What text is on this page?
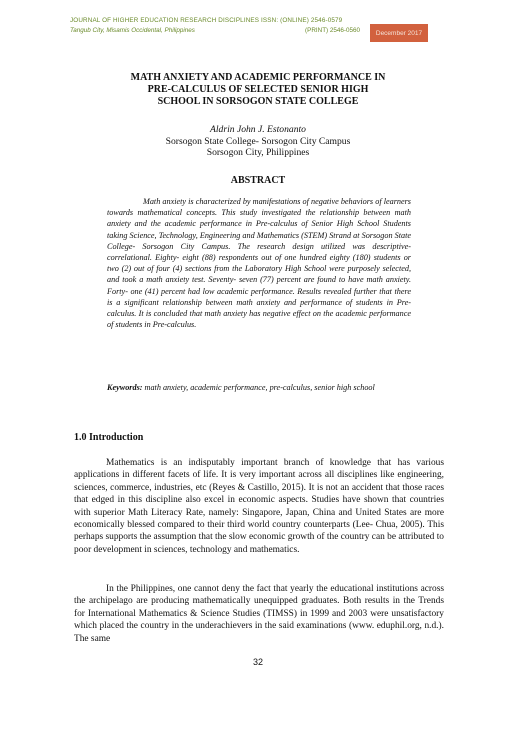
JOURNAL OF HIGHER EDUCATION RESEARCH DISCIPLINES ISSN: (ONLINE) 2546-0579
Tangub City, Misamis Occidental, Philippines	(PRINT) 2546-0560	December 2017
MATH ANXIETY AND ACADEMIC PERFORMANCE IN
PRE-CALCULUS OF SELECTED SENIOR HIGH
SCHOOL IN SORSOGON STATE COLLEGE
Aldrin John J. Estonanto
Sorsogon State College- Sorsogon City Campus
Sorsogon City, Philippines
ABSTRACT

Math anxiety is characterized by manifestations of negative behaviors of learners towards mathematical concepts. This study investigated the relationship between math anxiety and the academic performance in Pre-calculus of Senior High School Students taking Science, Technology, Engineering and Mathematics (STEM) Strand at Sorsogon State College- Sorsogon City Campus. The research design utilized was descriptive- correlational. Eighty- eight (88) respondents out of one hundred eighty (180) students or two (2) out of four (4) sections from the Laboratory High School were purposely selected, and took a math anxiety test. Seventy- seven (77) percent are found to have math anxiety. Forty- one (41) percent had low academic performance. Results revealed further that there is a significant relationship between math anxiety and performance of students in Pre- calculus. It is concluded that math anxiety has negative effect on the academic performance of students in Pre-calculus.

Keywords: math anxiety, academic performance, pre-calculus, senior high school

1.0 Introduction

Mathematics is an indisputably important branch of knowledge that has various applications in different facets of life. It is very important across all disciplines like engineering, sciences, commerce, industries, etc (Reyes & Castillo, 2015). It is not an accident that those races that edged in this discipline also excel in economic aspects. Studies have shown that countries with superior Math Literacy Rate, namely: Singapore, Japan, China and United States are more economically blessed compared to their third world country counterparts (Lee- Chua, 2005). This perhaps supports the assumption that the slow economic growth of the country can be attributed to poor development in sciences, technology and mathematics.

In the Philippines, one cannot deny the fact that yearly the educational institutions across the archipelago are producing mathematically unequipped graduates. Both results in the Trends for International Mathematics & Science Studies (TIMSS) in 1999 and 2003 were unsatisfactory which placed the country in the underachievers in the said examinations (www. eduphil.org, n.d.). The same

32
